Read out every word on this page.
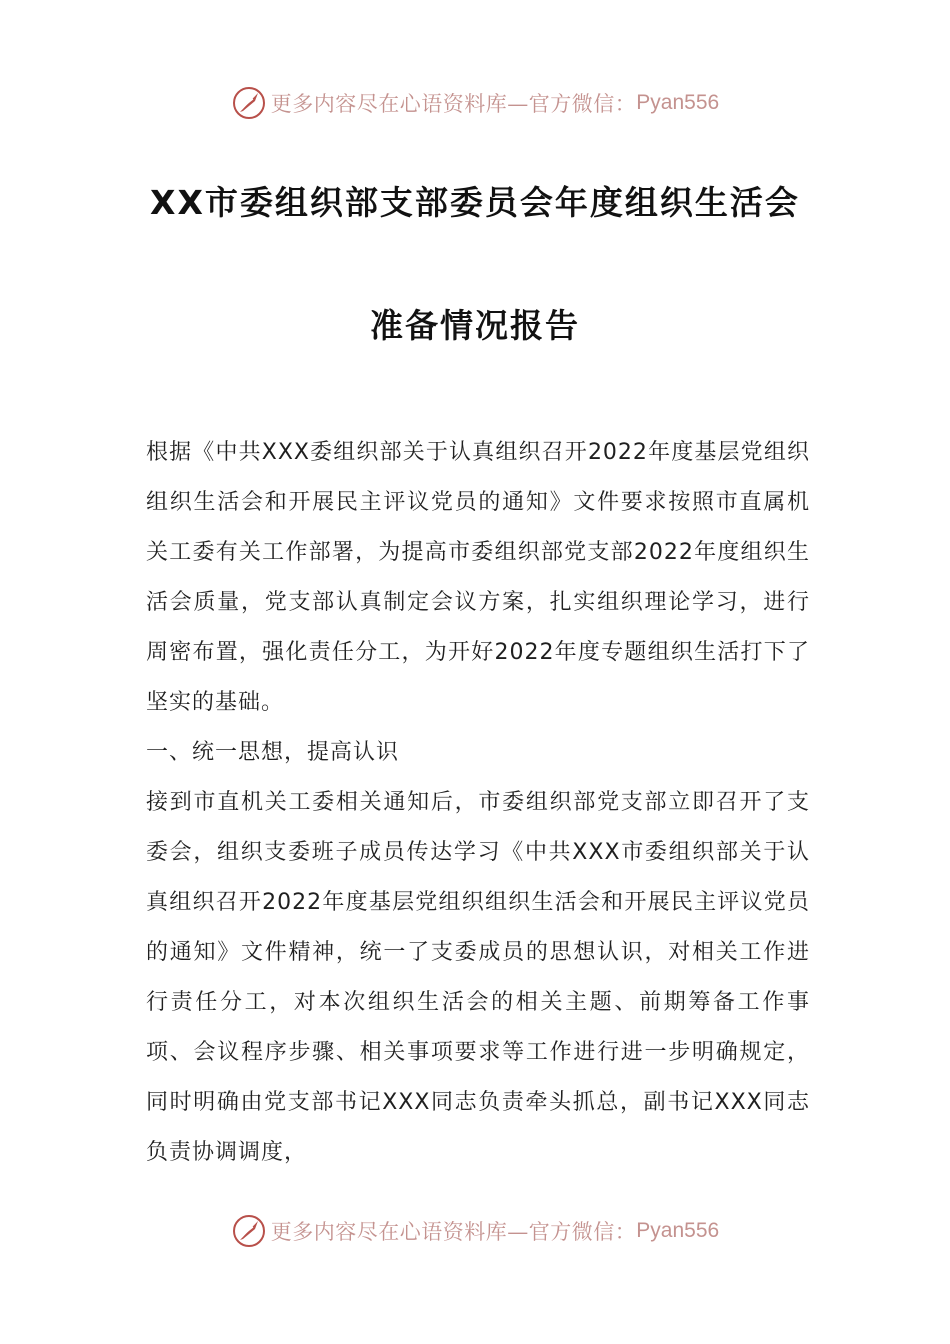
更多内容尽在心语资料库—官方微信： Pyan556
XX市委组织部支部委员会年度组织生活会
准备情况报告

根据《中共XXX委组织部关于认真组织召开2022年度基层党组织组织生活会和开展民主评议党员的通知》文件要求按照市直属机关工委有关工作部署，为提高市委组织部党支部2022年度组织生活会质量，党支部认真制定会议方案，扎实组织理论学习，进行周密布置，强化责任分工，为开好2022年度专题组织生活打下了坚实的基础。

一、统一思想，提高认识

接到市直机关工委相关通知后，市委组织部党支部立即召开了支委会，组织支委班子成员传达学习《中共XXX市委组织部关于认真组织召开2022年度基层党组织组织生活会和开展民主评议党员的通知》文件精神，统一了支委成员的思想认识，对相关工作进行责任分工，对本次组织生活会的相关主题、前期筹备工作事项、会议程序步骤、相关事项要求等工作进行进一步明确规定，同时明确由党支部书记XXX同志负责牵头抓总，副书记XXX同志负责协调调度，

更多内容尽在心语资料库—官方微信： Pyan556
